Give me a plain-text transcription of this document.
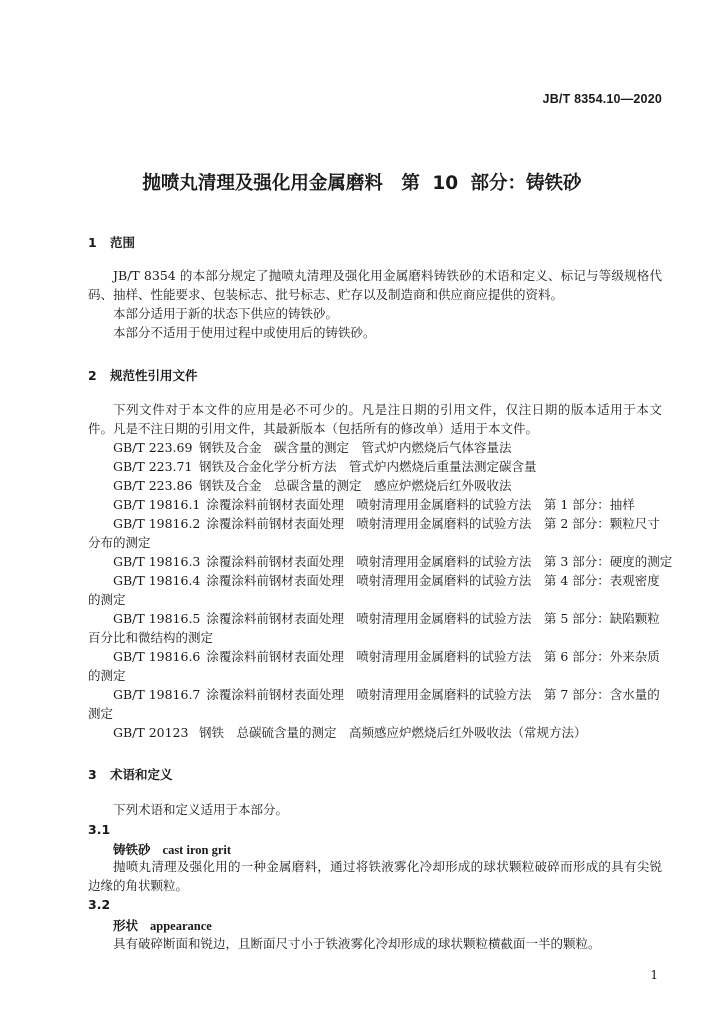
JB/T 8354.10—2020
抛喷丸清理及强化用金属磨料　第 10 部分：铸铁砂
1 范围
JB/T 8354 的本部分规定了抛喷丸清理及强化用金属磨料铸铁砂的术语和定义、标记与等级规格代码、抽样、性能要求、包装标志、批号标志、贮存以及制造商和供应商应提供的资料。
本部分适用于新的状态下供应的铸铁砂。
本部分不适用于使用过程中或使用后的铸铁砂。
2 规范性引用文件
下列文件对于本文件的应用是必不可少的。凡是注日期的引用文件，仅注日期的版本适用于本文件。凡是不注日期的引用文件，其最新版本（包括所有的修改单）适用于本文件。
GB/T 223.69 钢铁及合金　碳含量的测定　管式炉内燃烧后气体容量法
GB/T 223.71 钢铁及合金化学分析方法　管式炉内燃烧后重量法测定碳含量
GB/T 223.86 钢铁及合金　总碳含量的测定　感应炉燃烧后红外吸收法
GB/T 19816.1 涂覆涂料前钢材表面处理　喷射清理用金属磨料的试验方法　第 1 部分：抽样
GB/T 19816.2 涂覆涂料前钢材表面处理　喷射清理用金属磨料的试验方法　第 2 部分：颗粒尺寸分布的测定
GB/T 19816.3 涂覆涂料前钢材表面处理　喷射清理用金属磨料的试验方法　第 3 部分：硬度的测定
GB/T 19816.4 涂覆涂料前钢材表面处理　喷射清理用金属磨料的试验方法　第 4 部分：表观密度的测定
GB/T 19816.5 涂覆涂料前钢材表面处理　喷射清理用金属磨料的试验方法　第 5 部分：缺陷颗粒百分比和微结构的测定
GB/T 19816.6 涂覆涂料前钢材表面处理　喷射清理用金属磨料的试验方法　第 6 部分：外来杂质的测定
GB/T 19816.7 涂覆涂料前钢材表面处理　喷射清理用金属磨料的试验方法　第 7 部分：含水量的测定
GB/T 20123 钢铁　总碳硫含量的测定　高频感应炉燃烧后红外吸收法（常规方法）
3 术语和定义
下列术语和定义适用于本部分。
3.1
铸铁砂 cast iron grit
抛喷丸清理及强化用的一种金属磨料，通过将铁液雾化冷却形成的球状颗粒破碎而形成的具有尖锐边缘的角状颗粒。
3.2
形状 appearance
具有破碎断面和锐边，且断面尺寸小于铁液雾化冷却形成的球状颗粒横截面一半的颗粒。
1
